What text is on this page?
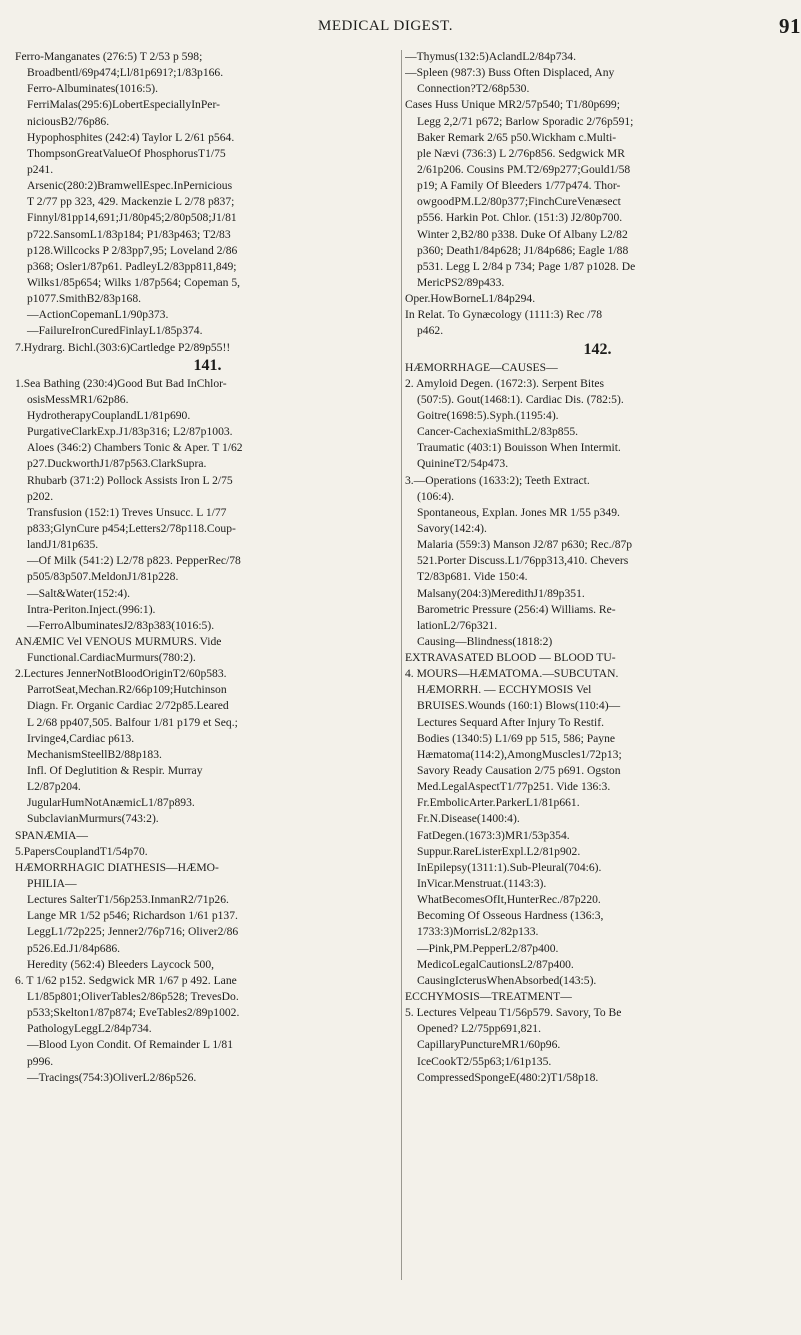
MEDICAL DIGEST.	91
Ferro-Manganates (276:5) T 2/53 p 598;
Broadbentl/69p474;Ll/81p691?;1/83p166.
Ferro-Albuminates(1016:5).
FerriMalas(295:6)LobertEspeciallyInPer-
niciousB2/76p86.
Hypophosphites (242:4) Taylor L 2/61 p564.
ThompsonGreatValueOf PhosphorusT1/75
p241.
Arsenic(280:2)BramwellEspec.InPernicious
T 2/77 pp 323, 429. Mackenzie L 2/78 p837;
Finnyl/81pp14,691;J1/80p45;2/80p508;J1/81
p722.SansomL1/83p184; P1/83p463; T2/83
p128.Willcocks P 2/83pp7,95; Loveland 2/86
p368; Osler1/87p61. PadleyL2/83pp811,849;
Wilks1/85p654; Wilks 1/87p564; Copeman 5,
p1077.SmithB2/83p168.
—ActionCopemanL1/90p373.
—FailureIronCuredFinlayL1/85p374.
7.Hydrarg. Bichl.(303:6)Cartledge P2/89p55!!
141.
1.Sea Bathing (230:4)Good But Bad InChlor-
osisMessMR1/62p86.
HydrotherapyCouplandL1/81p690.
PurgativeClarkExp.J1/83p316; L2/87p1003.
Aloes (346:2) Chambers Tonic & Aper. T 1/62
p27.DuckworthJ1/87p563.ClarkSupra.
Rhubarb (371:2) Pollock Assists Iron L 2/75
p202.
Transfusion (152:1) Treves Unsucc. L 1/77
p833;GlynCure p454;Letters2/78p118.Coup-
landJ1/81p635.
—Of Milk (541:2) L2/78 p823. PepperRec/78
p505/83p507.MeldonJ1/81p228.
—Salt&Water(152:4).
Intra-Periton.Inject.(996:1).
—FerroAlbuminatesJ2/83p383(1016:5).
ANÆMIC Vel VENOUS MURMURS. Vide
Functional.CardiacMurmurs(780:2).
2.Lectures JennerNotBloodOriginT2/60p583.
ParrotSeat,Mechan.R2/66p109;Hutchinson
Diagn. Fr. Organic Cardiac 2/72p85.Leared
L 2/68 pp407,505. Balfour 1/81 p179 et Seq.;
Irvinge4,Cardiac p613.
MechanismSteellB2/88p183.
Infl. Of Deglutition & Respir. Murray
L2/87p204.
JugularHumNotAnæmicL1/87p893.
SubclavianMurmurs(743:2).
SPANÆMIA—
5.PapersCouplandT1/54p70.
HÆMORRHAGIC DIATHESIS—HÆMO-
PHILIA—
Lectures SalterT1/56p253.InmanR2/71p26.
Lange MR 1/52 p546; Richardson 1/61 p137.
LeggL1/72p225; Jenner2/76p716; Oliver2/86
p526.Ed.J1/84p686.
Heredity (562:4) Bleeders Laycock 500,
6. T 1/62 p152. Sedgwick MR 1/67 p 492. Lane
L1/85p801;OliverTables2/86p528; TrevesDo.
p533;Skelton1/87p874; EveTables2/89p1002.
PathologyLeggL2/84p734.
—Blood Lyon Condit. Of Remainder L 1/81
p996.
—Tracings(754:3)OliverL2/86p526.
—Thymus(132:5)AclandL2/84p734.
—Spleen (987:3) Buss Often Displaced, Any
Connection?T2/68p530.
Cases Huss Unique MR2/57p540; T1/80p699;
Legg 2,2/71 p672; Barlow Sporadic 2/76p591;
Baker Remark 2/65 p50.Wickham c.Multi-
ple Nævi (736:3) L 2/76p856. Sedgwick MR
2/61p206. Cousins PM.T2/69p277;Gould1/58
p19; A Family Of Bleeders 1/77p474. Thor-
owgoodPM.L2/80p377;FinchCureVenæsect
p556. Harkin Pot. Chlor. (151:3) J2/80p700.
Winter 2,B2/80 p338. Duke Of Albany L2/82
p360; Death1/84p628; J1/84p686; Eagle 1/88
p531. Legg L 2/84 p 734; Page 1/87 p1028. De
MericPS2/89p433.
Oper.HowBorneL1/84p294.
In Relat. To Gynæcology (1111:3) Rec /78
p462.
142.
HÆMORRHAGE—CAUSES—
2. Amyloid Degen. (1672:3). Serpent Bites
(507:5). Gout(1468:1). Cardiac Dis. (782:5).
Goitre(1698:5).Syph.(1195:4).
Cancer-CachexiaSmithL2/83p855.
Traumatic (403:1) Bouisson When Intermit.
QuinineT2/54p473.
3.—Operations (1633:2); Teeth Extract.
(106:4).
Spontaneous, Explan. Jones MR 1/55 p349.
Savory(142:4).
Malaria (559:3) Manson J2/87 p630; Rec./87p
521.Porter Discuss.L1/76pp313,410. Chevers
T2/83p681. Vide 150:4.
Malsany(204:3)MeredithJ1/89p351.
Barometric Pressure (256:4) Williams. Re-
lationL2/76p321.
Causing—Blindness(1818:2)
EXTRAVASATED BLOOD — BLOOD TU-
4. MOURS—HÆMATOMA.—SUBCUTAN.
HÆMORRH. — ECCHYMOSIS Vel
BRUISES.Wounds (160:1) Blows(110:4)—
Lectures Sequard After Injury To Restif.
Bodies (1340:5) L1/69 pp 515, 586; Payne
Hæmatoma(114:2),AmongMuscles1/72p13;
Savory Ready Causation 2/75 p691. Ogston
Med.LegalAspectT1/77p251. Vide 136:3.
Fr.EmbolicArter.ParkerL1/81p661.
Fr.N.Disease(1400:4).
FatDegen.(1673:3)MR1/53p354.
Suppur.RareListerExpl.L2/81p902.
InEpilepsy(1311:1).Sub-Pleural(704:6).
InVicar.Menstruat.(1143:3).
WhatBecomesOfIt,HunterRec./87p220.
Becoming Of Osseous Hardness (136:3,
1733:3)MorrisL2/82p133.
—Pink,PM.PepperL2/87p400.
MedicoLegalCautionsL2/87p400.
CausingIcterusWhenAbsorbed(143:5).
ECCHYMOSIS—TREATMENT—
5. Lectures Velpeau T1/56p579. Savory, To Be
Opened? L2/75pp691,821.
CapillaryPunctureMR1/60p96.
IceCookT2/55p63;1/61p135.
CompressedSpongeE(480:2)T1/58p18.
